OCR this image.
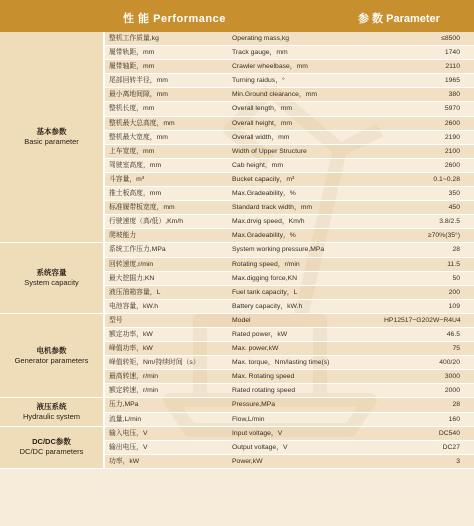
性 能 Performance	参 数 Parameter
基本参数
Basic parameter	整机工作质量,kg	Operating mass,kg	≤8500
	履带轨距，mm	Track gauge，mm	1740
	履带轴距，mm	Crawler wheelbase，mm	2110
	尾部回转半径，mm	Turning raidus，°	1965
	最小离地间隙，mm	Min.Ground clearance，mm	380
	整机长度，mm	Overall length，mm	5970
	整机最大总高度，mm	Overall height，mm	2600
	整机最大宽度，mm	Overall width，mm	2190
	上车宽度，mm	Width of Upper Structure	2100
	驾驶室高度，mm	Cab height，mm	2600
	斗容量，m³	Bucket capacity，m³	0.1~0.28
	推土板高度，mm	Max.Gradeability，%	350
	标准履带板宽度，mm	Standard track width，mm	450
	行驶速度（高/低）,Km/h	Max.drvig speed，Km/h	3.8/2.5
	爬坡能力	Max.Gradeability，%	≥70%(35°)

系统容量
System capacity	系统工作压力,MPa	System working pressure,MPa	28
	回转速度,r/min	Rotating speed，r/min	11.5
	最大挖掘力,KN	Max.digging force,KN	50
	液压油箱容量，L	Fuel tank capacity，L	200
	电池容量，kW.h	Battery capacity，kW.h	109

电机参数
Generator parameters	型号	Model	HP12517−G202W−R4U4
	额定功率，kW	Rated power，kW	46.5
	峰值功率，kW	Max. power,kW	75
	峰值转矩，Nm/持续时间（s）	Max. torque，Nm/lasting time(s)	400/20
	最高转速，r/min	Max. Rotating speed	3000
	额定转速，r/min	Rated rotating speed	2000

液压系统
Hydraulic system	压力,MPa	Pressure,MPa	28
	流量,L/min	Flow,L/min	160

DC/DC参数
DC/DC parameters	输入电压，V	Input voltage，V	DC540
	输出电压，V	Output voltage，V	DC27
	功率，kW	Power,kW	3
